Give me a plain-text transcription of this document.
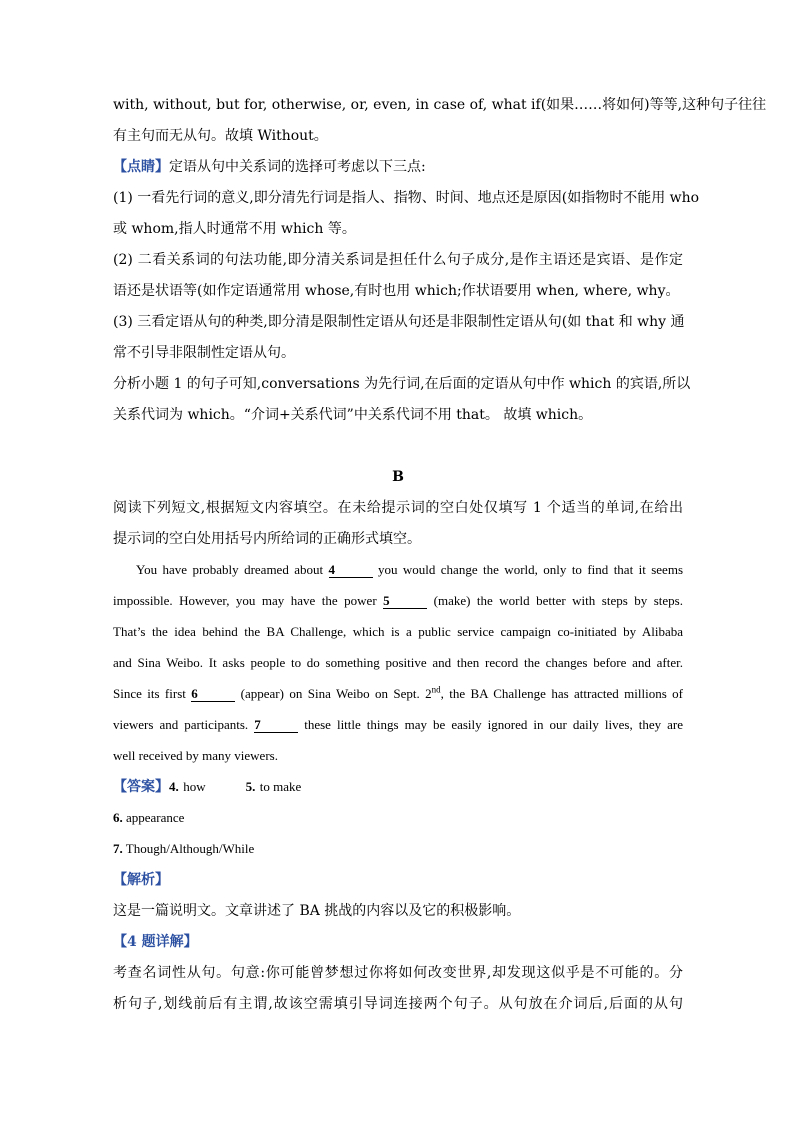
with, without, but for, otherwise, or, even, in case of, what if(如果……将如何)等等,这种句子往往
有主句而无从句。故填 Without。
【点睛】定语从句中关系词的选择可考虑以下三点:
(1) 一看先行词的意义,即分清先行词是指人、指物、时间、地点还是原因(如指物时不能用 who
或 whom,指人时通常不用 which 等。
(2) 二看关系词的句法功能,即分清关系词是担任什么句子成分,是作主语还是宾语、是作定
语还是状语等(如作定语通常用 whose,有时也用 which;作状语要用 when, where, why。
(3) 三看定语从句的种类,即分清是限制性定语从句还是非限制性定语从句(如 that 和 why 通
常不引导非限制性定语从句。
分析小题 1 的句子可知,conversations 为先行词,在后面的定语从句中作 which 的宾语,所以
关系代词为 which。“介词+关系代词”中关系代词不用 that。 故填 which。
B
阅读下列短文,根据短文内容填空。在未给提示词的空白处仅填写 1 个适当的单词,在给出
提示词的空白处用括号内所给词的正确形式填空。
You have probably dreamed about 4	you would change the world, only to find that it seems
impossible. However, you may have the power 5	(make) the world better with steps by steps.
That’s the idea behind the BA Challenge, which is a public service campaign co-initiated by Alibaba
and Sina Weibo. It asks people to do something positive and then record the changes before and after.
Since its first 6	(appear) on Sina Weibo on Sept. 2nd, the BA Challenge has attracted millions of
viewers and participants. 7	these little things may be easily ignored in our daily lives, they are
well received by many viewers.
【答案】4. how	5. to make
6. appearance
7. Though/Although/While
【解析】
这是一篇说明文。文章讲述了 BA 挑战的内容以及它的积极影响。
【4 题详解】
考查名词性从句。句意:你可能曾梦想过你将如何改变世界,却发现这似乎是不可能的。分
析句子,划线前后有主谓,故该空需填引导词连接两个句子。从句放在介词后,后面的从句
